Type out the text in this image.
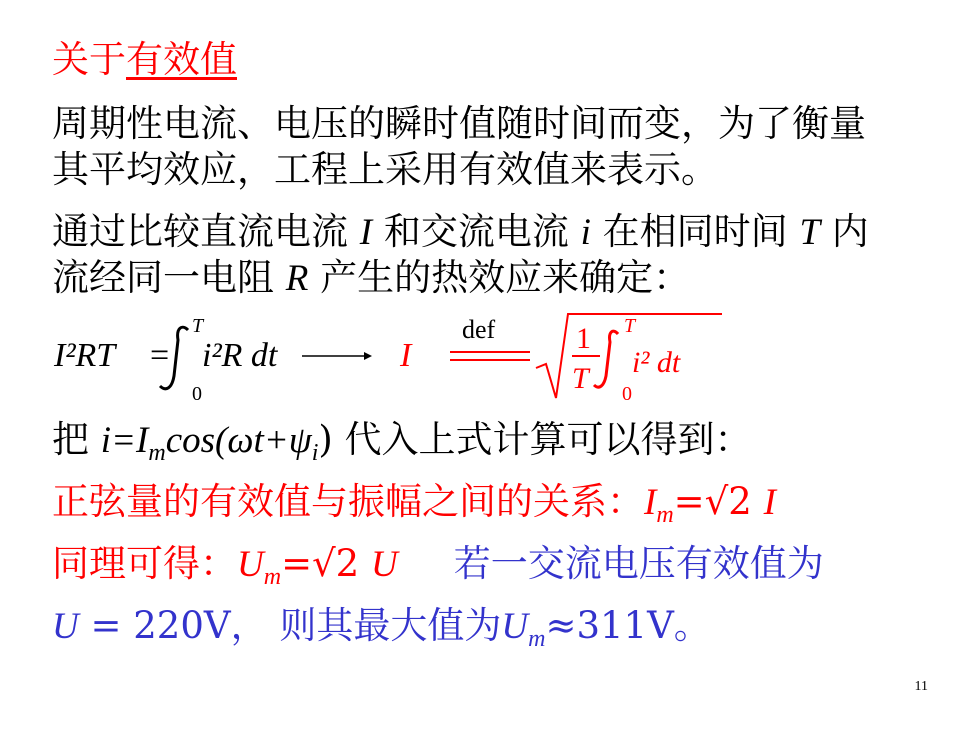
关于有效值
周期性电流、电压的瞬时值随时间而变，为了衡量
其平均效应，工程上采用有效值来表示。
通过比较直流电流 I 和交流电流 i 在相同时间 T 内
流经同一电阻 R 产生的热效应来确定：
I²RT =
T
0
i²R dt	I
def	1
T
T
0
i² dt
把 $i=I_m\cos(\omega t+\psi_i)$ 代入上式计算可以得到：
正弦量的有效值与振幅之间的关系：$I_m=√2$ I
同理可得：$U_m=√2$ U 若一交流电压有效值为
U = 220V， 则其最大值为$U_m\approx 311V$。
11
